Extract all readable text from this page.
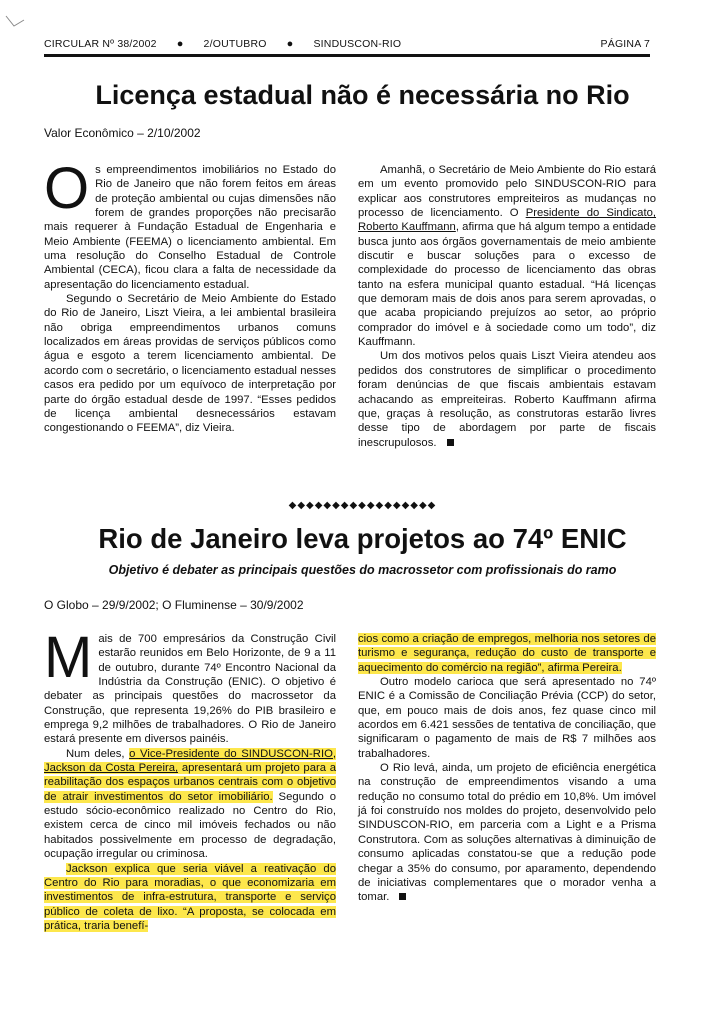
CIRCULAR Nº 38/2002 ● 2/OUTUBRO ● SINDUSCON-RIO	PÁGINA 7
Licença estadual não é necessária no Rio
Valor Econômico – 2/10/2002

Os empreendimentos imobiliários no Estado do Rio de Janeiro que não forem feitos em áreas de proteção ambiental ou cujas dimensões não forem de grandes proporções não precisarão mais requerer à Fundação Estadual de Engenharia e Meio Ambiente (FEEMA) o licenciamento ambiental. Em uma resolução do Conselho Estadual de Controle Ambiental (CECA), ficou clara a falta de necessidade da apresentação do licenciamento estadual.

Segundo o Secretário de Meio Ambiente do Estado do Rio de Janeiro, Liszt Vieira, a lei ambiental brasileira não obriga empreendimentos urbanos comuns localizados em áreas providas de serviços públicos como água e esgoto a terem licenciamento ambiental. De acordo com o secretário, o licenciamento estadual nesses casos era pedido por um equívoco de interpretação por parte do órgão estadual desde de 1997. “Esses pedidos de licença ambiental desnecessários estavam congestionando o FEEMA”, diz Vieira.

Amanhã, o Secretário de Meio Ambiente do Rio estará em um evento promovido pelo SINDUSCON-RIO para explicar aos construtores empreiteiros as mudanças no processo de licenciamento. O Presidente do Sindicato, Roberto Kauffmann, afirma que há algum tempo a entidade busca junto aos órgãos governamentais de meio ambiente discutir e buscar soluções para o excesso de complexidade do processo de licenciamento das obras tanto na esfera municipal quanto estadual. “Há licenças que demoram mais de dois anos para serem aprovadas, o que acaba propiciando prejuízos ao setor, ao próprio comprador do imóvel e à sociedade como um todo”, diz Kauffmann.

Um dos motivos pelos quais Liszt Vieira atendeu aos pedidos dos construtores de simplificar o procedimento foram denúncias de que fiscais ambientais estavam achacando as empreiteiras. Roberto Kauffmann afirma que, graças à resolução, as construtoras estarão livres desse tipo de abordagem por parte de fiscais inescrupulosos.

◆◆◆◆◆◆◆◆◆◆◆◆◆◆◆◆◆
Rio de Janeiro leva projetos ao 74º ENIC
Objetivo é debater as principais questões do macrossetor com profissionais do ramo
O Globo – 29/9/2002; O Fluminense – 30/9/2002

Mais de 700 empresários da Construção Civil estarão reunidos em Belo Horizonte, de 9 a 11 de outubro, durante 74º Encontro Nacional da Indústria da Construção (ENIC). O objetivo é debater as principais questões do macrossetor da Construção, que representa 19,26% do PIB brasileiro e emprega 9,2 milhões de trabalhadores. O Rio de Janeiro estará presente em diversos painéis.

Num deles, o Vice-Presidente do SINDUSCON-RIO, Jackson da Costa Pereira, apresentará um projeto para a reabilitação dos espaços urbanos centrais com o objetivo de atrair investimentos do setor imobiliário. Segundo o estudo sócio-econômico realizado no Centro do Rio, existem cerca de cinco mil imóveis fechados ou não habitados possivelmente em processo de degradação, ocupação irregular ou criminosa.

Jackson explica que seria viável a reativação do Centro do Rio para moradias, o que economizaria em investimentos de infra-estrutura, transporte e serviço público de coleta de lixo. “A proposta, se colocada em prática, traria benefí-

cios como a criação de empregos, melhoria nos setores de turismo e segurança, redução do custo de transporte e aquecimento do comércio na região”, afirma Pereira.

Outro modelo carioca que será apresentado no 74º ENIC é a Comissão de Conciliação Prévia (CCP) do setor, que, em pouco mais de dois anos, fez quase cinco mil acordos em 6.421 sessões de tentativa de conciliação, que significaram o pagamento de mais de R$ 7 milhões aos trabalhadores.

O Rio levá, ainda, um projeto de eficiência energética na construção de empreendimentos visando a uma redução no consumo total do prédio em 10,8%. Um imóvel já foi construído nos moldes do projeto, desenvolvido pelo SINDUSCON-RIO, em parceria com a Light e a Prisma Construtora. Com as soluções alternativas à diminuição de consumo aplicadas constatou-se que a redução pode chegar a 35% do consumo, por aparamento, dependendo de iniciativas complementares que o morador venha a tomar.
